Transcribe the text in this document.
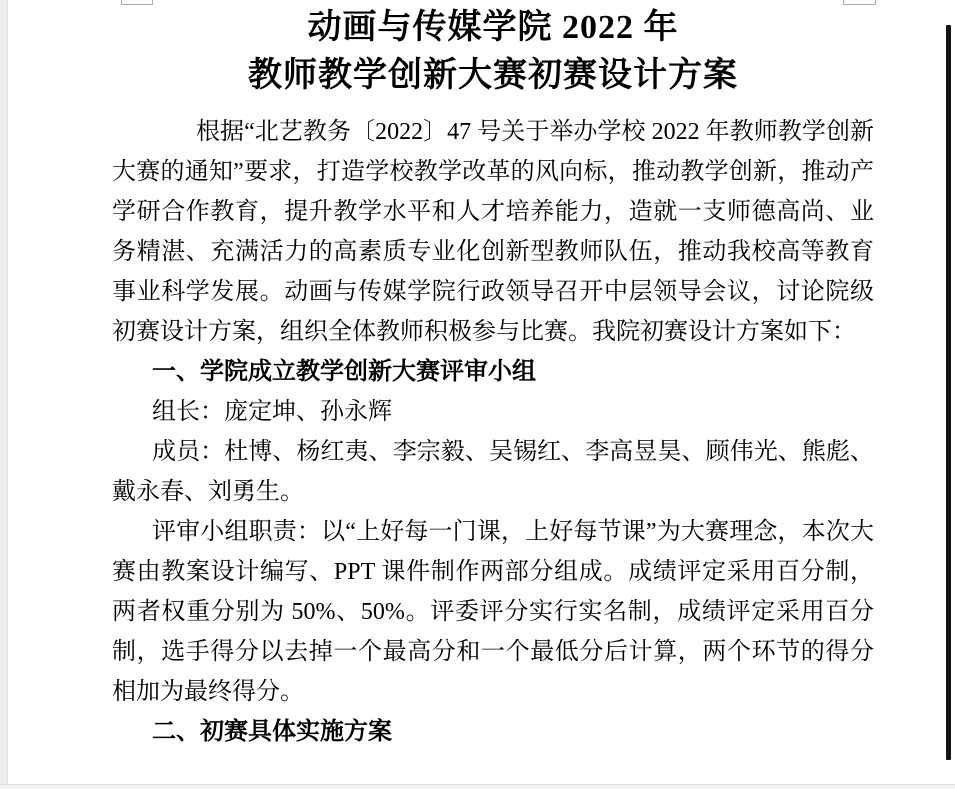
动画与传媒学院 2022 年
教师教学创新大赛初赛设计方案

根据“北艺教务〔2022〕47 号关于举办学校 2022 年教师教学创新大赛的通知”要求，打造学校教学改革的风向标，推动教学创新，推动产学研合作教育，提升教学水平和人才培养能力，造就一支师德高尚、业务精湛、充满活力的高素质专业化创新型教师队伍，推动我校高等教育事业科学发展。动画与传媒学院行政领导召开中层领导会议，讨论院级初赛设计方案，组织全体教师积极参与比赛。我院初赛设计方案如下：

一、学院成立教学创新大赛评审小组

组长：庞定坤、孙永辉

成员：杜博、杨红夷、李宗毅、吴锡红、李高昱昊、顾伟光、熊彪、戴永春、刘勇生。

评审小组职责：以“上好每一门课，上好每节课”为大赛理念，本次大赛由教案设计编写、PPT 课件制作两部分组成。成绩评定采用百分制，两者权重分别为 50%、50%。评委评分实行实名制，成绩评定采用百分制，选手得分以去掉一个最高分和一个最低分后计算，两个环节的得分相加为最终得分。

二、初赛具体实施方案
